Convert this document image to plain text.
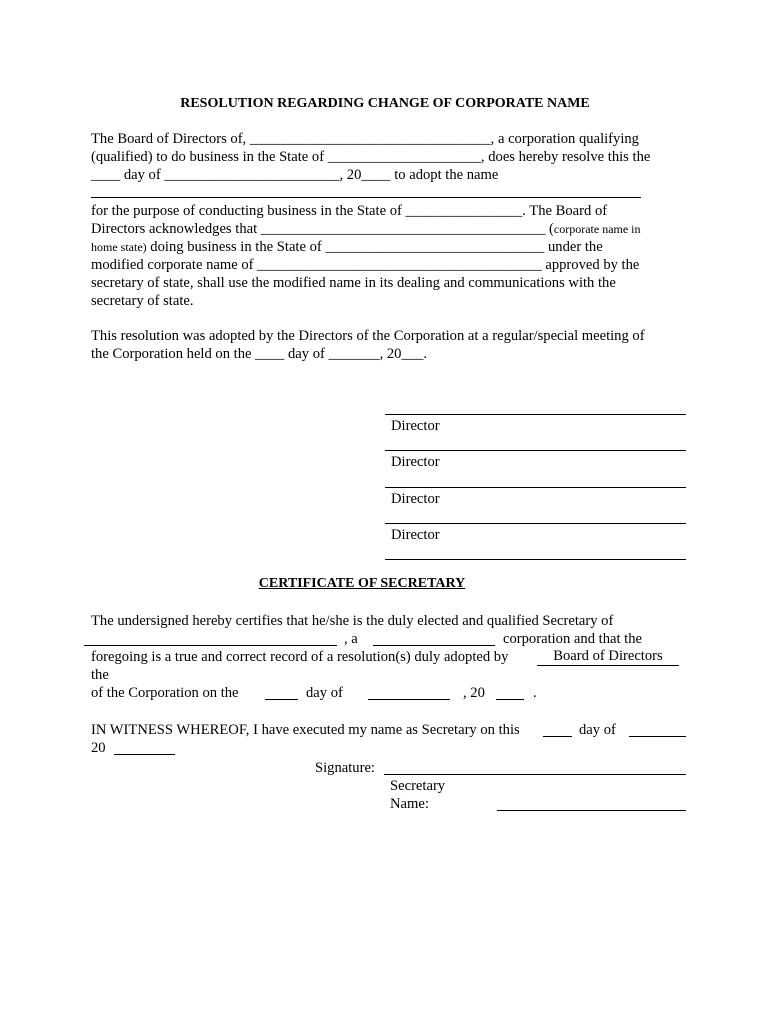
RESOLUTION REGARDING CHANGE OF CORPORATE NAME
The Board of Directors of, _________________________________, a corporation qualifying
(qualified) to do business in the State of _____________________, does hereby resolve this the
____ day of ________________________, 20____ to adopt the name
for the purpose of conducting business in the State of ________________. The Board of
Directors acknowledges that _______________________________________ (corporate name in
home state) doing business in the State of ______________________________ under the
modified corporate name of _______________________________________ approved by the
secretary of state, shall use the modified name in its dealing and communications with the
secretary of state.
This resolution was adopted by the Directors of the Corporation at a regular/special meeting of
the Corporation held on the ____ day of _______, 20___.
Director
Director
Director
Director
CERTIFICATE OF SECRETARY
The undersigned hereby certifies that he/she is the duly elected and qualified Secretary of
, a	corporation and that the
foregoing is a true and correct record of a resolution(s) duly adopted by	Board of Directors
the
of the Corporation on the	day of	, 20	.
IN WITNESS WHEREOF, I have executed my name as Secretary on this	day of
20
Signature:
Secretary
Name:
